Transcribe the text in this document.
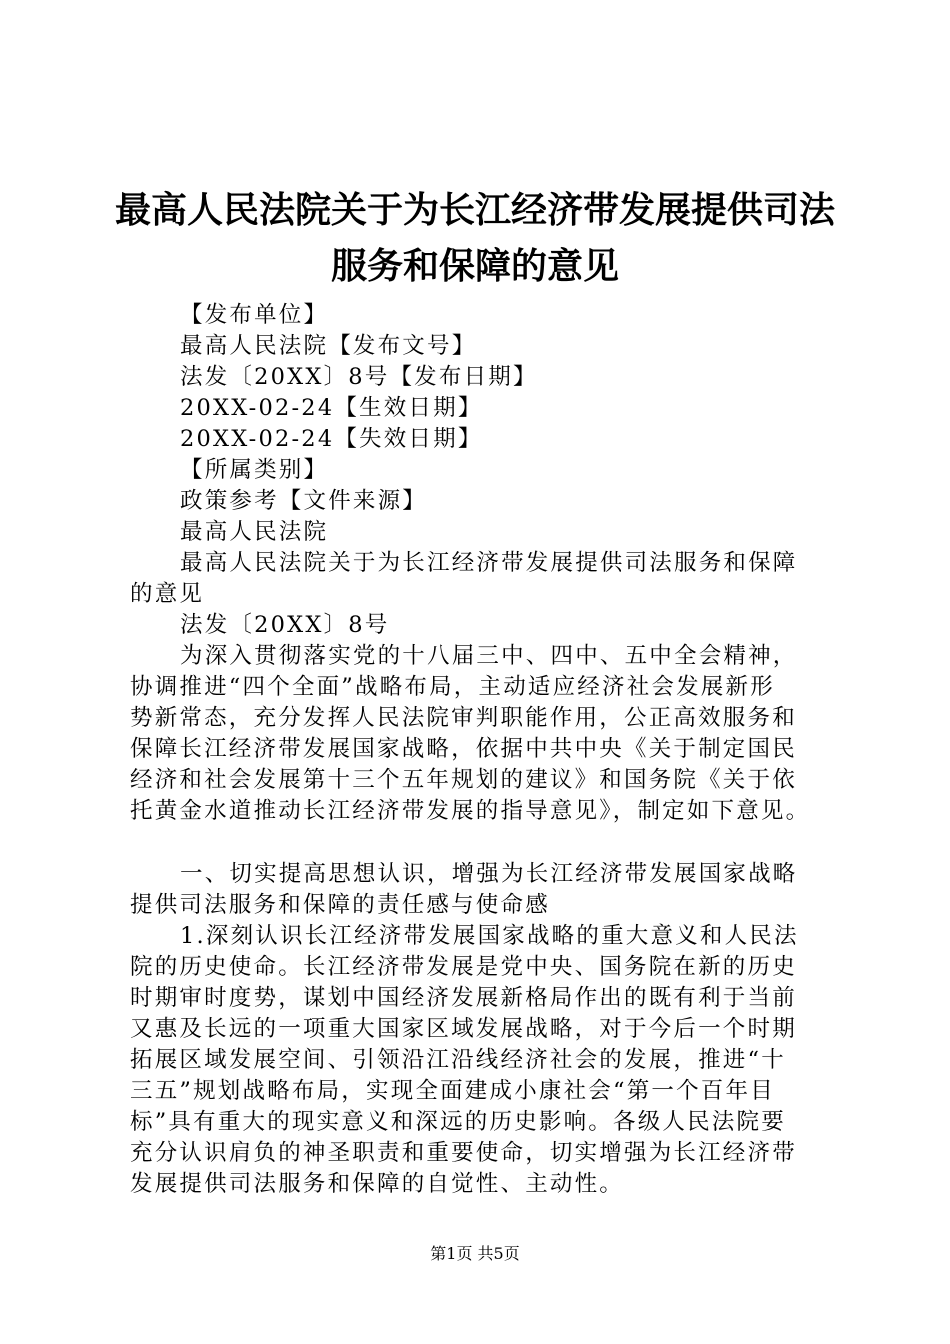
最高人民法院关于为长江经济带发展提供司法
服务和保障的意见
【发布单位】
最高人民法院【发布文号】
法发〔20XX〕8号【发布日期】
20XX-02-24【生效日期】
20XX-02-24【失效日期】
【所属类别】
政策参考【文件来源】
最高人民法院
最高人民法院关于为长江经济带发展提供司法服务和保障
的意见
法发〔20XX〕8号
为深入贯彻落实党的十八届三中、四中、五中全会精神，
协调推进“四个全面”战略布局，主动适应经济社会发展新形
势新常态，充分发挥人民法院审判职能作用，公正高效服务和
保障长江经济带发展国家战略，依据中共中央《关于制定国民
经济和社会发展第十三个五年规划的建议》和国务院《关于依
托黄金水道推动长江经济带发展的指导意见》，制定如下意见。
一、切实提高思想认识，增强为长江经济带发展国家战略
提供司法服务和保障的责任感与使命感
1.深刻认识长江经济带发展国家战略的重大意义和人民法
院的历史使命。长江经济带发展是党中央、国务院在新的历史
时期审时度势，谋划中国经济发展新格局作出的既有利于当前
又惠及长远的一项重大国家区域发展战略，对于今后一个时期
拓展区域发展空间、引领沿江沿线经济社会的发展，推进“十
三五”规划战略布局，实现全面建成小康社会“第一个百年目
标”具有重大的现实意义和深远的历史影响。各级人民法院要
充分认识肩负的神圣职责和重要使命，切实增强为长江经济带
发展提供司法服务和保障的自觉性、主动性。
第1页 共5页
